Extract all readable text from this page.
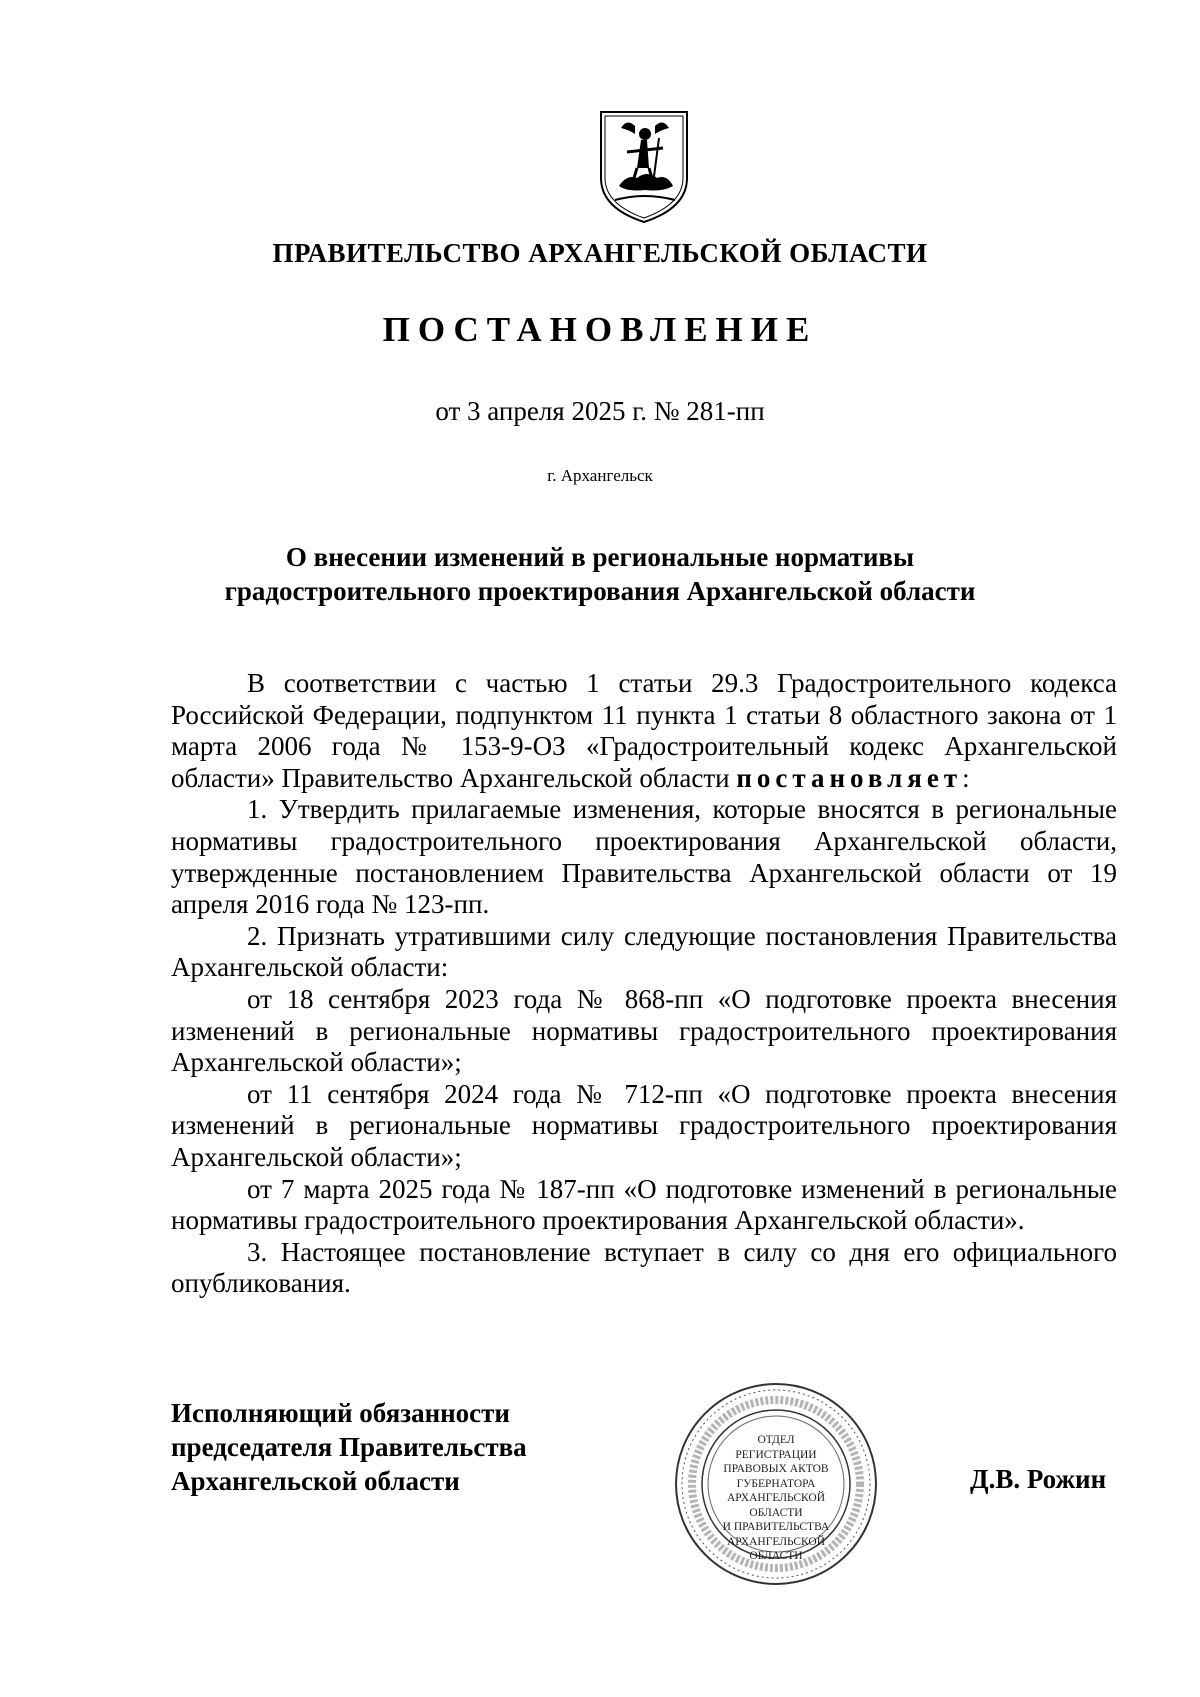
ПРАВИТЕЛЬСТВО АРХАНГЕЛЬСКОЙ ОБЛАСТИ
ПОСТАНОВЛЕНИЕ
от 3 апреля 2025 г. № 281-пп
г. Архангельск
О внесении изменений в региональные нормативы
градостроительного проектирования Архангельской области

В соответствии с частью 1 статьи 29.3 Градостроительного кодекса Российской Федерации, подпунктом 11 пункта 1 статьи 8 областного закона от 1 марта 2006 года № 153-9-ОЗ «Градостроительный кодекс Архангельской области» Правительство Архангельской области постановляет:

1. Утвердить прилагаемые изменения, которые вносятся в региональные нормативы градостроительного проектирования Архангельской области, утвержденные постановлением Правительства Архангельской области от 19 апреля 2016 года № 123-пп.

2. Признать утратившими силу следующие постановления Правительства Архангельской области:

от 18 сентября 2023 года № 868-пп «О подготовке проекта внесения изменений в региональные нормативы градостроительного проектирования Архангельской области»;

от 11 сентября 2024 года № 712-пп «О подготовке проекта внесения изменений в региональные нормативы градостроительного проектирования Архангельской области»;

от 7 марта 2025 года № 187-пп «О подготовке изменений в региональные нормативы градостроительного проектирования Архангельской области».

3. Настоящее постановление вступает в силу со дня его официального опубликования.

Исполняющий обязанности
председателя Правительства
Архангельской области
ОТДЕЛ
РЕГИСТРАЦИИ
ПРАВОВЫХ АКТОВ
ГУБЕРНАТОРА
АРХАНГЕЛЬСКОЙ
ОБЛАСТИ
И ПРАВИТЕЛЬСТВА
АРХАНГЕЛЬСКОЙ
ОБЛАСТИ
Д.В. Рожин
